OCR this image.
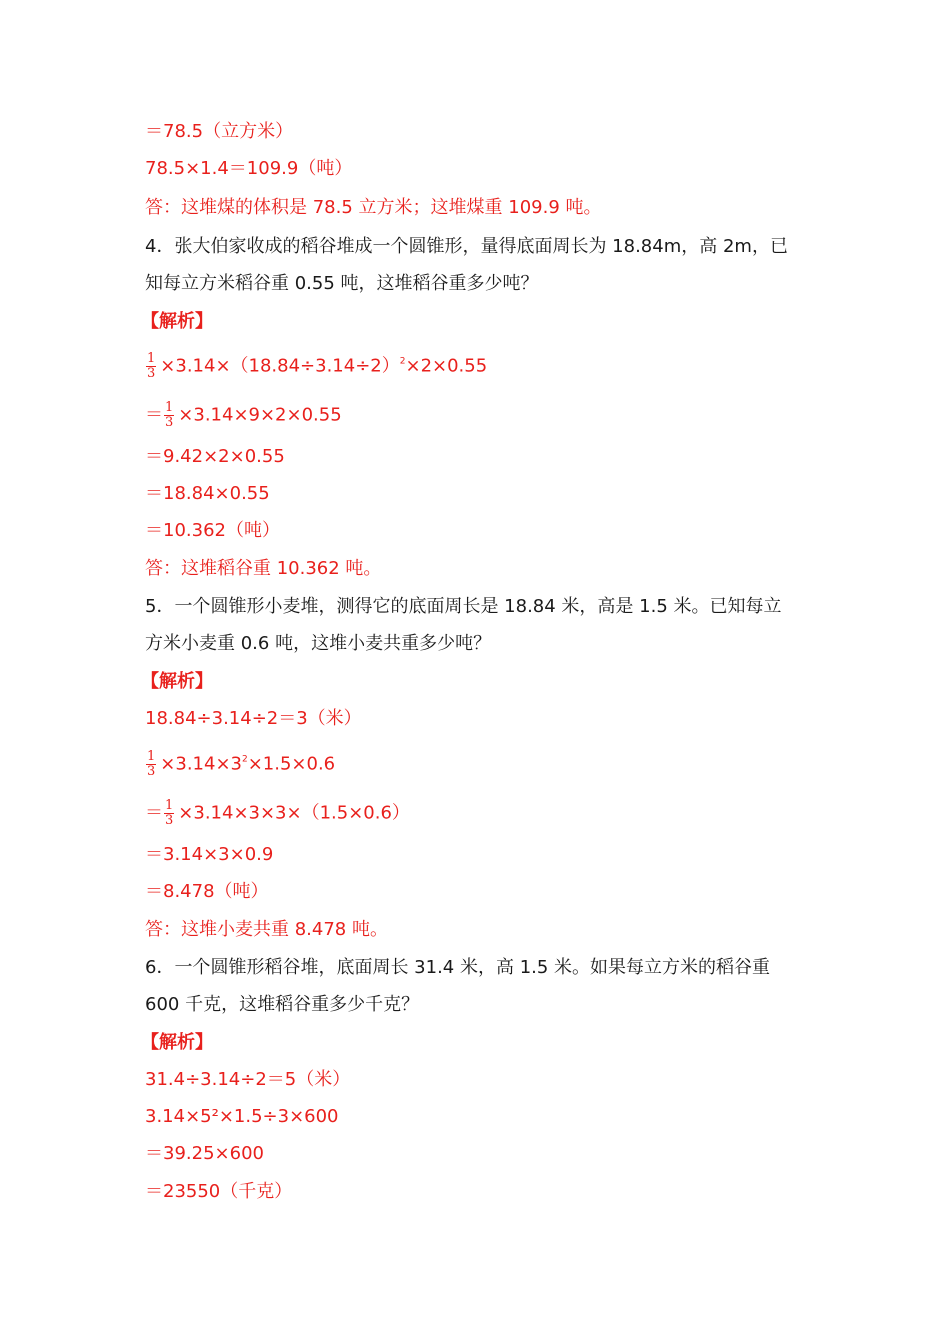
＝78.5（立方米）
78.5×1.4＝109.9（吨）
答：这堆煤的体积是 78.5 立方米；这堆煤重 109.9 吨。
4．张大伯家收成的稻谷堆成一个圆锥形，量得底面周长为 18.84m，高 2m，已
知每立方米稻谷重 0.55 吨，这堆稻谷重多少吨？
【解析】
$\frac{1}{3} \times 3.14\times(18.84\div 3.14\div 2)^2\times 2\times 0.55$
＝ $\frac{1}{3} \times 3.14\times 9\times 2\times 0.55$
＝9.42×2×0.55
＝18.84×0.55
＝10.362（吨）
答：这堆稻谷重 10.362 吨。
5．一个圆锥形小麦堆，测得它的底面周长是 18.84 米，高是 1.5 米。已知每立
方米小麦重 0.6 吨，这堆小麦共重多少吨？
【解析】
18.84÷3.14÷2＝3（米）
$\frac{1}{3} \times 3.14\times 3^2\times 1.5\times 0.6$
＝ $\frac{1}{3} \times 3.14\times 3\times 3\times(1.5\times 0.6)$
＝3.14×3×0.9
＝8.478（吨）
答：这堆小麦共重 8.478 吨。
6．一个圆锥形稻谷堆，底面周长 31.4 米，高 1.5 米。如果每立方米的稻谷重
600 千克，这堆稻谷重多少千克？
【解析】
31.4÷3.14÷2＝5（米）
3.14×5²×1.5÷3×600
＝39.25×600
＝23550（千克）
